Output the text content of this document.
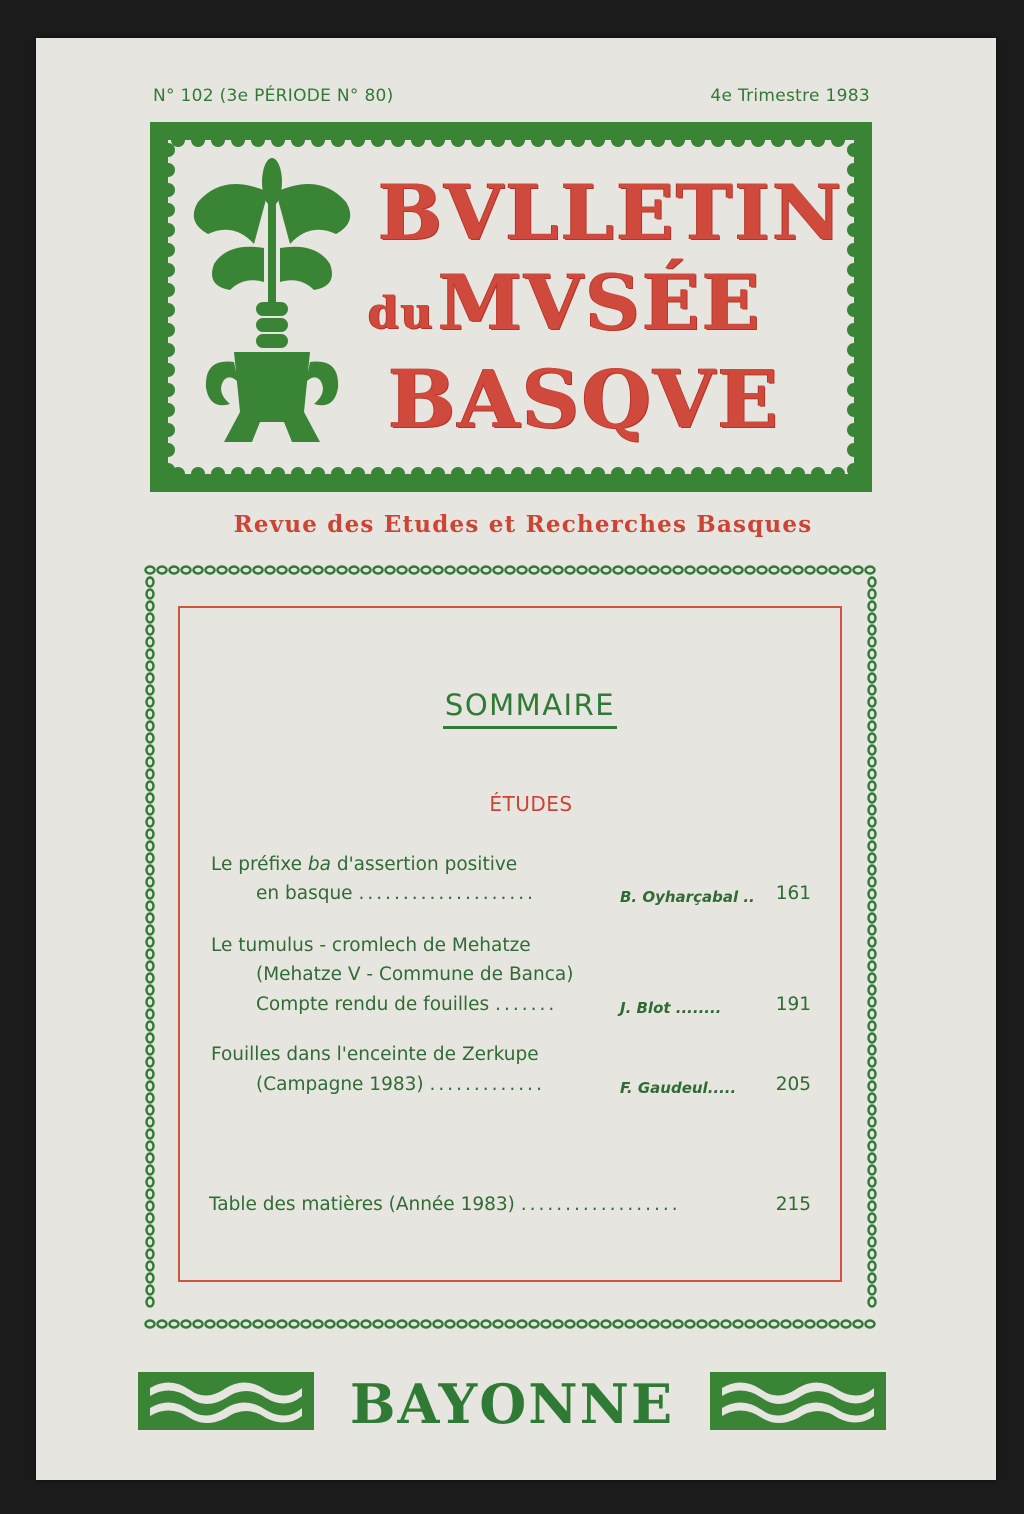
N° 102 (3e PÉRIODE N° 80)	4e Trimestre 1983
BVLLETIN
du MVSÉE
BASQVE
Revue des Etudes et Recherches Basques
SOMMAIRE
ÉTUDES
Le préfixe ba d'assertion positive
en basque ....................	B. Oyharçabal .. 161
Le tumulus - cromlech de Mehatze
(Mehatze V - Commune de Banca)
Compte rendu de fouilles .......	J. Blot ........	191
Fouilles dans l'enceinte de Zerkupe
(Campagne 1983) .............	F. Gaudeul..... 205
Table des matières (Année 1983) ..................	215
BAYONNE
